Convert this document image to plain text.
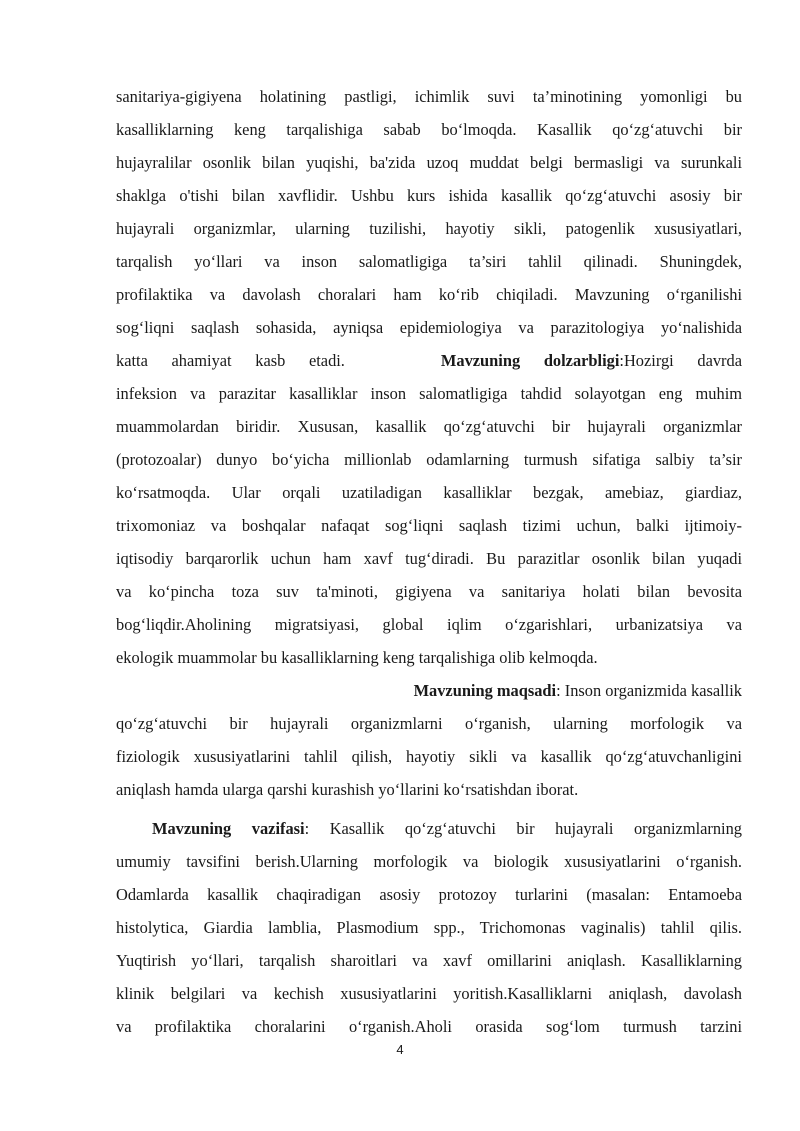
sanitariya-gigiyena holatining pastligi, ichimlik suvi ta’minotining yomonligi bu
kasalliklarning keng tarqalishiga sabab bo‘lmoqda. Kasallik qo‘zg‘atuvchi bir
hujayralilar osonlik bilan yuqishi, ba'zida uzoq muddat belgi bermasligi va surunkali
shaklga o'tishi bilan xavflidir. Ushbu kurs ishida kasallik qo‘zg‘atuvchi asosiy bir
hujayrali organizmlar, ularning tuzilishi, hayotiy sikli, patogenlik xususiyatlari,
tarqalish yo‘llari va inson salomatligiga ta’siri tahlil qilinadi. Shuningdek,
profilaktika va davolash choralari ham ko‘rib chiqiladi. Mavzuning o‘rganilishi
sog‘liqni saqlash sohasida, ayniqsa epidemiologiya va parazitologiya yo‘nalishida
katta ahamiyat kasb etadi.	Mavzuning dolzarbligi:Hozirgi davrda
infeksion va parazitar kasalliklar inson salomatligiga tahdid solayotgan eng muhim
muammolardan biridir. Xususan, kasallik qo‘zg‘atuvchi bir hujayrali organizmlar
(protozoalar) dunyo bo‘yicha millionlab odamlarning turmush sifatiga salbiy ta’sir
ko‘rsatmoqda. Ular orqali uzatiladigan kasalliklar bezgak, amebiaz, giardiaz,
trixomoniaz va boshqalar nafaqat sog‘liqni saqlash tizimi uchun, balki ijtimoiy-
iqtisodiy barqarorlik uchun ham xavf tug‘diradi. Bu parazitlar osonlik bilan yuqadi
va ko‘pincha toza suv ta'minoti, gigiyena va sanitariya holati bilan bevosita
bog‘liqdir.Aholining migratsiyasi, global iqlim o‘zgarishlari, urbanizatsiya va
ekologik muammolar bu kasalliklarning keng tarqalishiga olib kelmoqda.
Mavzuning maqsadi: Inson organizmida kasallik
qo‘zg‘atuvchi bir hujayrali organizmlarni o‘rganish, ularning morfologik va
fiziologik xususiyatlarini tahlil qilish, hayotiy sikli va kasallik qo‘zg‘atuvchanligini
aniqlash hamda ularga qarshi kurashish yo‘llarini ko‘rsatishdan iborat.
Mavzuning vazifasi: Kasallik qo‘zg‘atuvchi bir hujayrali organizmlarning
umumiy tavsifini berish.Ularning morfologik va biologik xususiyatlarini o‘rganish.
Odamlarda kasallik chaqiradigan asosiy protozoy turlarini (masalan: Entamoeba
histolytica, Giardia lamblia, Plasmodium spp., Trichomonas vaginalis) tahlil qilis.
Yuqtirish yo‘llari, tarqalish sharoitlari va xavf omillarini aniqlash. Kasalliklarning
klinik belgilari va kechish xususiyatlarini yoritish.Kasalliklarni aniqlash, davolash
va profilaktika choralarini o‘rganish.Aholi orasida sog‘lom turmush tarzini
4
